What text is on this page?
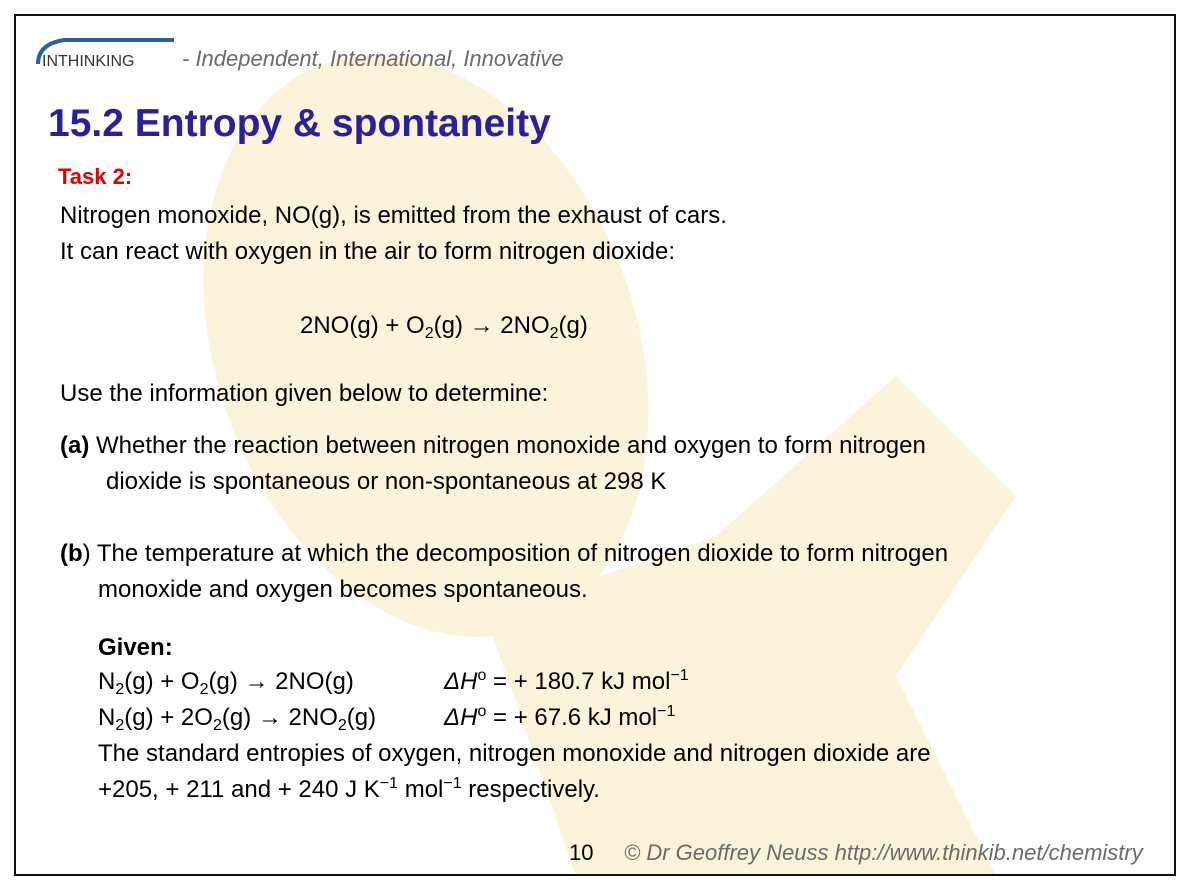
INTHINKING - Independent, International, Innovative
15.2 Entropy & spontaneity
Task 2:
Nitrogen monoxide, NO(g), is emitted from the exhaust of cars.
It can react with oxygen in the air to form nitrogen dioxide:
$2NO(g) + O_2(g) \to 2NO_2(g)$
Use the information given below to determine:
(a) Whether the reaction between nitrogen monoxide and oxygen to form nitrogen
dioxide is spontaneous or non-spontaneous at 298 K
(b) The temperature at which the decomposition of nitrogen dioxide to form nitrogen
monoxide and oxygen becomes spontaneous.
Given:
$N_2(g) + O_2(g) \to 2NO(g)$	$\Delta H^o$ = + 180.7 kJ mol$^{-1}$
$N_2(g) + 2O_2(g) \to 2NO_2(g)$	$\Delta H^o$ = + 67.6 kJ mol$^{-1}$
The standard entropies of oxygen, nitrogen monoxide and nitrogen dioxide are
+205, + 211 and + 240 J $K^{-1}$ mol$^{-1}$ respectively.
10 © Dr Geoffrey Neuss http://www.thinkib.net/chemistry
